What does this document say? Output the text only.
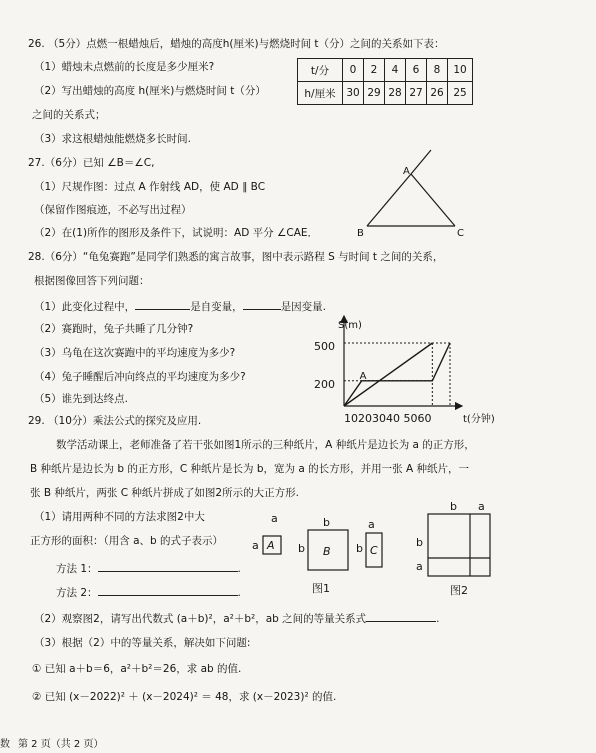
26. （5分）点燃一根蜡烛后，蜡烛的高度h(厘米)与燃烧时间 t（分）之间的关系如下表：
（1）蜡烛未点燃前的长度是多少厘米?
（2）写出蜡烛的高度 h(厘米)与燃烧时间 t（分）
之间的关系式；
（3）求这根蜡烛能燃烧多长时间.
t/分	0	2	4	6	8	10
h/厘米	30	29	28	27	26	25
27.（6分）已知 ∠B＝∠C,
（1）尺规作图：过点 A 作射线 AD，使 AD ∥ BC
（保留作图痕迹，不必写出过程）
（2）在(1)所作的图形及条件下，试说明：AD 平分 ∠CAE．
A
B	C
28.（6分）“龟兔赛跑”是同学们熟悉的寓言故事，图中表示路程 S 与时间 t 之间的关系，
根据图像回答下列问题：
（1）此变化过程中，	是自变量，	是因变量.
（2）赛跑时，兔子共睡了几分钟?
（3）乌龟在这次赛跑中的平均速度为多少?
（4）兔子睡醒后冲向终点的平均速度为多少?
（5）谁先到达终点.
S(m)
t(分钟)
500
200
10203040 5060
A
29. （10分）乘法公式的探究及应用.
数学活动课上，老师准备了若干张如图1所示的三种纸片，A 种纸片是边长为 a 的正方形，
B 种纸片是边长为 b 的正方形，C 种纸片是长为 b，宽为 a 的长方形，并用一张 A 种纸片，一
张 B 种纸片，两张 C 种纸片拼成了如图2所示的大正方形.
（1）请用两种不同的方法求图2中大
正方形的面积：（用含 a、b 的式子表示）
方法 1：	.
方法 2：	.
（2）观察图2，请写出代数式 (a＋b)²，a²＋b²，ab 之间的等量关系式	.
（3）根据（2）中的等量关系，解决如下问题:
① 已知 a＋b＝6，a²＋b²＝26，求 ab 的值.
② 已知 (x－2022)² ＋ (x－2024)² ＝ 48，求 (x－2023)² 的值.
a
a A
b
b B
a
b C
图1
b a
b
a
图2
数 第 2 页（共 2 页）
